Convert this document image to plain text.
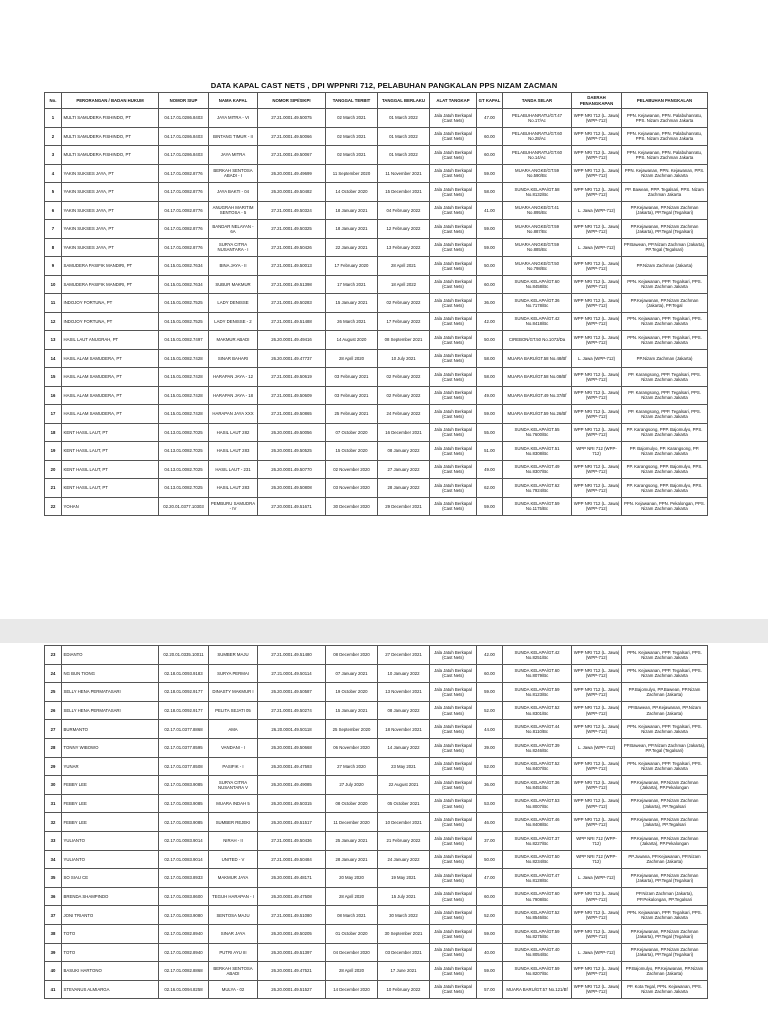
DATA KAPAL CAST NETS , DPI WPPNRI 712, PELABUHAN PANGKALAN PPS NIZAM ZACMAN
No.	PERORANGAN / BADAN HUKUM	NOMOR SIUP	NAMA KAPAL	NOMOR SIPI/SIKPI	TANGGAL TERBIT	TANGGAL BERLAKU	ALAT TANGKAP	GT KAPAL	TANDA SELAR	DAERAH PENANGKAPAN	PELABUHAN PANGKALAN
1	MULTI SAMUDERA FISHINDO, PT	04.17.01.0286.8403	JAYA MITRA - VI	27.21.0001.49.50075	02 March 2021	01 March 2022	Jala Jatuh Berkapal (Cast Nets)	47.00	PELABUHANRATU/GT.47 No.17/Ac	WPP NRI 712 (L. Jawa) (WPP-712)	PPN. Kejawanan, PPN. Palabuhanratu, PPS. Nizam Zachman Jakarta
2	MULTI SAMUDERA FISHINDO, PT	04.17.01.0286.8403	BINTANG TIMUR - II	27.21.0001.49.50066	02 March 2021	01 March 2022	Jala Jatuh Berkapal (Cast Nets)	60.00	PELABUHANRATU/GT.60 No.28/Ac	WPP NRI 712 (L. Jawa) (WPP-712)	PPN. Kejawanan, PPN. Palabuhanratu, PPS. Nizam Zachman Jakarta
3	MULTI SAMUDERA FISHINDO, PT	04.17.01.0286.8403	JAYA MITRA	27.21.0001.49.50067	02 March 2021	01 March 2022	Jala Jatuh Berkapal (Cast Nets)	60.00	PELABUHANRATU/GT.60 No.14/Ac	WPP NRI 712 (L. Jawa) (WPP-712)	PPN. Kejawanan, PPN. Palabuhanratu, PPS. Nizam Zachman Jakarta
4	YAKIN SUKSES JAYA, PT	04.17.01.0082.8776	BERKAH SENTOSA ABADI - I	26.20.0001.49.49699	11 September 2020	11 November 2021	Jala Jatuh Berkapal (Cast Nets)	59.00	MUARA ANGKE/GT.59 No.590/Bc	WPP NRI 712 (L. Jawa) (WPP-712)	PPN. Kejawanan, PPN. Kejawanan, PPS. Nizam Zachman Jakarta
5	YAKIN SUKSES JAYA, PT	04.17.01.0082.8776	JAYA BAKTI - 04	26.20.0001.49.50482	14 October 2020	15 December 2021	Jala Jatuh Berkapal (Cast Nets)	58.00	SUNDA KELAPA/GT.58 No.8132/Bc	WPP NRI 712 (L. Jawa) (WPP-712)	PP. Bawean, PPP. Tegalsari, PPS. Nizam Zachman Jakarta
6	YAKIN SUKSES JAYA, PT	04.17.01.0082.8776	ANUGRAH MARITIM SENTOSA - 5	27.21.0001.49.50324	18 January 2021	04 February 2022	Jala Jatuh Berkapal (Cast Nets)	41.00	MUARA ANGKE/GT.41 No.895/Bc	L. Jawa (WPP-712)	PP.Kejawanan, PP.Nizam Zachman (Jakarta), PP.Tegal (Tegalsari)
7	YAKIN SUKSES JAYA, PT	04.17.01.0082.8776	BANDAR NELAYAN - 6A	27.21.0001.49.50325	18 January 2021	12 February 2022	Jala Jatuh Berkapal (Cast Nets)	59.00	MUARA ANGKE/GT.59 No.887/Bc	WPP NRI 712 (L. Jawa) (WPP-712)	PP.Kejawanan, PP.Nizam Zachman (Jakarta), PP.Tegal (Tegalsari)
8	YAKIN SUKSES JAYA, PT	04.17.01.0082.8776	SURYA CITRA NUSANTARA - I	27.21.0001.49.50426	22 January 2021	13 February 2022	Jala Jatuh Berkapal (Cast Nets)	59.00	MUARA ANGKE/GT.59 No.885/Bc	L. Jawa (WPP-712)	PP.Bawean, PP.Nizam Zachman (Jakarta), PP.Tegal (Tegalsari)
9	SAMUDERA PASIFIK MANDIRI, PT	04.15.01.0082.7634	BINA JAYA - II	27.21.0001.49.50013	17 February 2020	28 April 2021	Jala Jatuh Berkapal (Cast Nets)	50.00	MUARA ANGKE/GT.50 No.798/Bc	WPP NRI 712 (L. Jawa) (WPP-712)	PP.Nizam Zachman (Jakarta)
10	SAMUDERA PASIFIK MANDIRI, PT	04.15.01.0082.7634	SUBUR MAKMUR	27.21.0001.49.51398	17 March 2021	18 April 2022	Jala Jatuh Berkapal (Cast Nets)	60.00	SUNDA KELAPA/GT.60 No.8458/Bc	WPP NRI 712 (L. Jawa) (WPP-712)	PPN. Kejawanan, PPP. Tegalsari, PPS. Nizam Zachman Jakarta
11	INDOJOY FORTUNA, PT	04.15.01.0082.7525	LADY DENISSE	27.21.0001.49.50283	15 January 2021	02 February 2022	Jala Jatuh Berkapal (Cast Nets)	36.00	SUNDA KELAPA/GT.36 No.7178/Bc	WPP NRI 712 (L. Jawa) (WPP-712)	PP.Kejawanan, PP.Nizam Zachman (Jakarta), PP.Tegal
12	INDOJOY FORTUNA, PT	04.15.01.0082.7525	LADY DENISSE - 2	27.21.0001.49.51488	26 March 2021	17 February 2022	Jala Jatuh Berkapal (Cast Nets)	42.00	SUNDA KELAPA/GT.42 No.8418/Bc	WPP NRI 712 (L. Jawa) (WPP-712)	PPN. Kejawanan, PPP. Tegalsari, PPS. Nizam Zachman Jakarta
13	HASIL LAUT ANUGRAH, PT	04.15.01.0082.7497	MAKMUR ABADI	26.20.0001.49.49416	14 August 2020	08 September 2021	Jala Jatuh Berkapal (Cast Nets)	50.00	CIREBON/GT.50 No.1073/Da	WPP NRI 712 (L. Jawa) (WPP-712)	PPN. Kejawanan, PPP. Tegalsari, PPS. Nizam Zachman Jakarta
14	HASIL ALAM SAMUDERA, PT	04.15.01.0082.7428	SINAR BAHARI	26.20.0001.49.47737	28 April 2020	10 July 2021	Jala Jatuh Berkapal (Cast Nets)	58.00	MUARA BARU/GT.58 No.48/Bf	L. Jawa (WPP-712)	PP.Nizam Zachman (Jakarta)
15	HASIL ALAM SAMUDERA, PT	04.15.01.0082.7428	HARAPAN JAYA - 12	27.21.0001.49.50619	03 February 2021	02 February 2022	Jala Jatuh Berkapal (Cast Nets)	58.00	MUARA BARU/GT.58 No.08/Bf	WPP NRI 712 (L. Jawa) (WPP-712)	PP. Karangsong, PPP. Tegalsari, PPS. Nizam Zachman Jakarta
16	HASIL ALAM SAMUDERA, PT	04.15.01.0082.7428	HARAPAN JAYA - 18	27.21.0001.49.50609	03 February 2021	02 February 2022	Jala Jatuh Berkapal (Cast Nets)	49.00	MUARA BARU/GT.49 No.37/Bf	WPP NRI 712 (L. Jawa) (WPP-712)	PP. Karangsong, PPP. Tegalsari, PPS. Nizam Zachman Jakarta
17	HASIL ALAM SAMUDERA, PT	04.15.01.0082.7428	HARAPAN JAYA XXX	27.21.0001.49.50865	25 February 2021	24 February 2022	Jala Jatuh Berkapal (Cast Nets)	59.00	MUARA BARU/GT.59 No.26/Bf	WPP NRI 712 (L. Jawa) (WPP-712)	PP. Karangsong, PPP. Tegalsari, PPS. Nizam Zachman Jakarta
18	KENT HASIL LAUT, PT	04.13.01.0082.7025	HASIL LAUT 282	26.20.0001.49.50056	07 October 2020	16 December 2021	Jala Jatuh Berkapal (Cast Nets)	55.00	SUNDA KELAPA/GT.55 No.7600/Bc	WPP NRI 712 (L. Jawa) (WPP-712)	PP. Karangsong, PPP. Bajomulyo, PPS. Nizam Zachman Jakarta
19	KENT HASIL LAUT, PT	04.13.01.0082.7025	HASIL LAUT 283	26.20.0001.49.50525	15 October 2020	08 January 2022	Jala Jatuh Berkapal (Cast Nets)	51.00	SUNDA KELAPA/GT.51 No.8308/Bc	WPP NRI 712 (WPP-712)	PP. Bajomulyo, PP. Karangsong, PP. Nizam Zachman Jakarta
20	KENT HASIL LAUT, PT	04.13.01.0082.7025	HASIL LAUT - 231	26.20.0001.49.50770	02 November 2020	27 January 2022	Jala Jatuh Berkapal (Cast Nets)	49.00	SUNDA KELAPA/GT.49 No.8307/Bc	WPP NRI 712 (L. Jawa) (WPP-712)	PP. Karangsong, PPP. Bajomulyo, PPS. Nizam Zachman Jakarta
21	KENT HASIL LAUT, PT	04.13.01.0082.7025	HASIL LAUT 283	26.20.0001.49.50808	03 November 2020	28 January 2022	Jala Jatuh Berkapal (Cast Nets)	62.00	SUNDA KELAPA/GT.62 No.7924/Bc	WPP NRI 712 (L. Jawa) (WPP-712)	PP. Karangsong, PPP. Bajomulyo, PPS. Nizam Zachman Jakarta
22	YOHAN	02.20.01.0377.10303	PEMBURU SAMUDRA - IV	27.20.0001.49.51671	30 December 2020	29 December 2021	Jala Jatuh Berkapal (Cast Nets)	59.00	SUNDA KELAPA/GT.59 No.1175/Bc	WPP NRI 712 (L. Jawa) (WPP-712)	PPN. Kejawanan, PPN. Pekalongan, PPS. Nizam Zachman Jakarta
23	EDIANTO	02.20.01.0335.10011	SUMBER MAJU	27.21.0001.49.51480	08 December 2020	27 December 2021	Jala Jatuh Berkapal (Cast Nets)	42.00	SUNDA KELAPA/GT.42 No.8251/Bc	WPP NRI 712 (L. Jawa) (WPP-712)	PPN. Kejawanan, PPP. Tegalsari, PPS. Nizam Zachman Jakarta
24	NG BUN TIONG	02.18.01.0093.9183	SURYA PERMAI	27.21.0001.49.50114	07 January 2021	10 January 2022	Jala Jatuh Berkapal (Cast Nets)	60.00	SUNDA KELAPA/GT.60 No.8079/Bc	WPP NRI 712 (L. Jawa) (WPP-712)	PPN. Kejawanan, PPP. Tegalsari, PPS. Nizam Zachman Jakarta
25	SELLY HENA PERMATASARI	02.18.01.0092.9177	DINASTY MAKMUR I	26.20.0001.49.50587	19 October 2020	13 November 2021	Jala Jatuh Berkapal (Cast Nets)	59.00	SUNDA KELAPA/GT.59 No.8123/Bc	WPP NRI 712 (L. Jawa) (WPP-712)	PP.Bajomulyo, PP.Bawean, PP.Nizam Zachman (Jakarta)
26	SELLY HENA PERMATASARI	02.18.01.0092.9177	PELITA SEJATI 05	27.21.0001.49.50274	15 January 2021	08 January 2022	Jala Jatuh Berkapal (Cast Nets)	52.00	SUNDA KELAPA/GT.52 No.8301/Bc	WPP NRI 712 (L. Jawa) (WPP-712)	PP.Bawean, PP.Kejawanan, PP.Nizam Zachman (Jakarta)
27	BURMANTO	02.17.01.0377.8868	AMA	26.20.0001.49.50118	25 September 2020	18 November 2021	Jala Jatuh Berkapal (Cast Nets)	44.00	SUNDA KELAPA/GT.44 No.8110/Bc	WPP NRI 712 (L. Jawa) (WPP-712)	PPN. Kejawanan, PPP. Tegalsari, PPS. Nizam Zachman Jakarta
28	TONNY WIBOWO	02.17.01.0377.8595	VANDANI - I	26.20.0001.49.50668	06 November 2020	14 January 2022	Jala Jatuh Berkapal (Cast Nets)	39.00	SUNDA KELAPA/GT.39 No.8246/Bc	L. Jawa (WPP-712)	PP.Bawean, PP.Nizam Zachman (Jakarta), PP.Tegal (Tegalsari)
29	YUNAR	02.17.01.0377.8508	PASIFIK - I	26.20.0001.49.47593	27 March 2020	23 May 2021	Jala Jatuh Berkapal (Cast Nets)	52.00	SUNDA KELAPA/GT.52 No.8407/Bc	WPP NRI 712 (L. Jawa) (WPP-712)	PPN. Kejawanan, PPP. Tegalsari, PPS. Nizam Zachman Jakarta
30	FEBBY LEE	02.17.01.0083.9085	SURYA CITRA NUSANTARA V	26.20.0001.49.49085	27 July 2020	22 August 2021	Jala Jatuh Berkapal (Cast Nets)	36.00	SUNDA KELAPA/GT.36 No.8451/Bc	WPP NRI 712 (L. Jawa) (WPP-712)	PP.Kejawanan, PP.Nizam Zachman (Jakarta), PP.Pekalongan
31	FEBBY LEE	02.17.01.0083.9085	MUARA INDAH 5	26.20.0001.49.50315	08 October 2020	05 October 2021	Jala Jatuh Berkapal (Cast Nets)	53.00	SUNDA KELAPA/GT.53 No.8007/Bc	WPP NRI 712 (L. Jawa) (WPP-712)	PP.Kejawanan, PP.Nizam Zachman (Jakarta), PP.Tegalsari
32	FEBBY LEE	02.17.01.0083.9085	SUMBER REJEKI	26.20.0001.49.51517	11 December 2020	10 December 2021	Jala Jatuh Berkapal (Cast Nets)	46.00	SUNDA KELAPA/GT.46 No.8408/Bc	WPP NRI 712 (L. Jawa) (WPP-712)	PP.Kejawanan, PP.Nizam Zachman (Jakarta), PP.Tegalsari
33	YULIANTO	02.17.01.0083.9014	NIRAH - II	27.21.0001.49.50436	25 January 2021	21 February 2022	Jala Jatuh Berkapal (Cast Nets)	37.00	SUNDA KELAPA/GT.37 No.8227/Bc	WPP NRI 712 (WPP-712)	PP.Kejawanan, PP.Nizam Zachman (Jakarta), PP.Pekalongan
34	YULIANTO	02.17.01.0083.9014	UNITED - V	27.21.0001.49.50484	28 January 2021	24 January 2022	Jala Jatuh Berkapal (Cast Nets)	50.00	SUNDA KELAPA/GT.50 No.8234/Bc	WPP NRI 712 (WPP-712)	PP.Juwana, PP.Kejawanan, PP.Nizam Zachman (Jakarta)
35	SO SIAU CE	02.17.01.0083.8933	MAKMUR JAYA	26.20.0001.49.48171	20 May 2020	19 May 2021	Jala Jatuh Berkapal (Cast Nets)	47.00	SUNDA KELAPA/GT.47 No.8128/Bc	L. Jawa (WPP-712)	PP.Kejawanan, PP.Nizam Zachman (Jakarta), PP.Tegal (Tegalsari)
36	BRENDA SHAMPINDO	02.17.01.0083.8600	TEGUH HARAPAN - I	26.20.0001.49.47508	28 April 2020	15 July 2021	Jala Jatuh Berkapal (Cast Nets)	60.00	SUNDA KELAPA/GT.60 No.7908/Bc	WPP NRI 712 (L. Jawa) (WPP-712)	PP.Nizam Zachman (Jakarta), PP.Pekalongan, PP.Tegalsari
37	JONI TRIANTO	02.17.01.0083.9080	SENTOSA MAJU	27.21.0001.49.51080	08 March 2021	30 March 2022	Jala Jatuh Berkapal (Cast Nets)	52.00	SUNDA KELAPA/GT.52 No.8546/Bc	WPP NRI 712 (L. Jawa) (WPP-712)	PPN. Kejawanan, PPP. Tegalsari, PPS. Nizam Zachman Jakarta
38	TOTO	02.17.01.0082.8940	SINAR JAYA	26.20.0001.49.50205	01 October 2020	30 September 2021	Jala Jatuh Berkapal (Cast Nets)	59.00	SUNDA KELAPA/GT.59 No.8275/Bc	WPP NRI 712 (L. Jawa) (WPP-712)	PP.Kejawanan, PP.Nizam Zachman (Jakarta), PP.Tegal (Tegalsari)
39	TOTO	02.17.01.0082.8940	PUTRI AYU III	26.20.0001.49.51397	04 December 2020	03 December 2021	Jala Jatuh Berkapal (Cast Nets)	40.00	SUNDA KELAPA/GT.40 No.8054/Bc	L. Jawa (WPP-712)	PP.Kejawanan, PP.Nizam Zachman (Jakarta), PP.Tegal (Tegalsari)
40	BASUKI HARTONO	02.17.01.0082.8868	BERKAH SENTOSA ABADI	26.20.0001.49.47521	28 April 2020	17 June 2021	Jala Jatuh Berkapal (Cast Nets)	59.00	SUNDA KELAPA/GT.59 No.8207/Bc	WPP NRI 712 (L. Jawa) (WPP-712)	PP.Bajomulyo, PP.Kejawanan, PP.Nizam Zachman (Jakarta)
41	STEVANUS ALMIARGA	02.16.01.0094.8258	MULYA - 02	26.20.0001.49.51527	14 December 2020	10 February 2022	Jala Jatuh Berkapal (Cast Nets)	57.00	MUARA BARU/GT.57 No.121/Bf	WPP NRI 712 (L. Jawa) (WPP-712)	PP. Kota Tegal, PPN. Kejawanan, PPS. Nizam Zachman Jakarta
